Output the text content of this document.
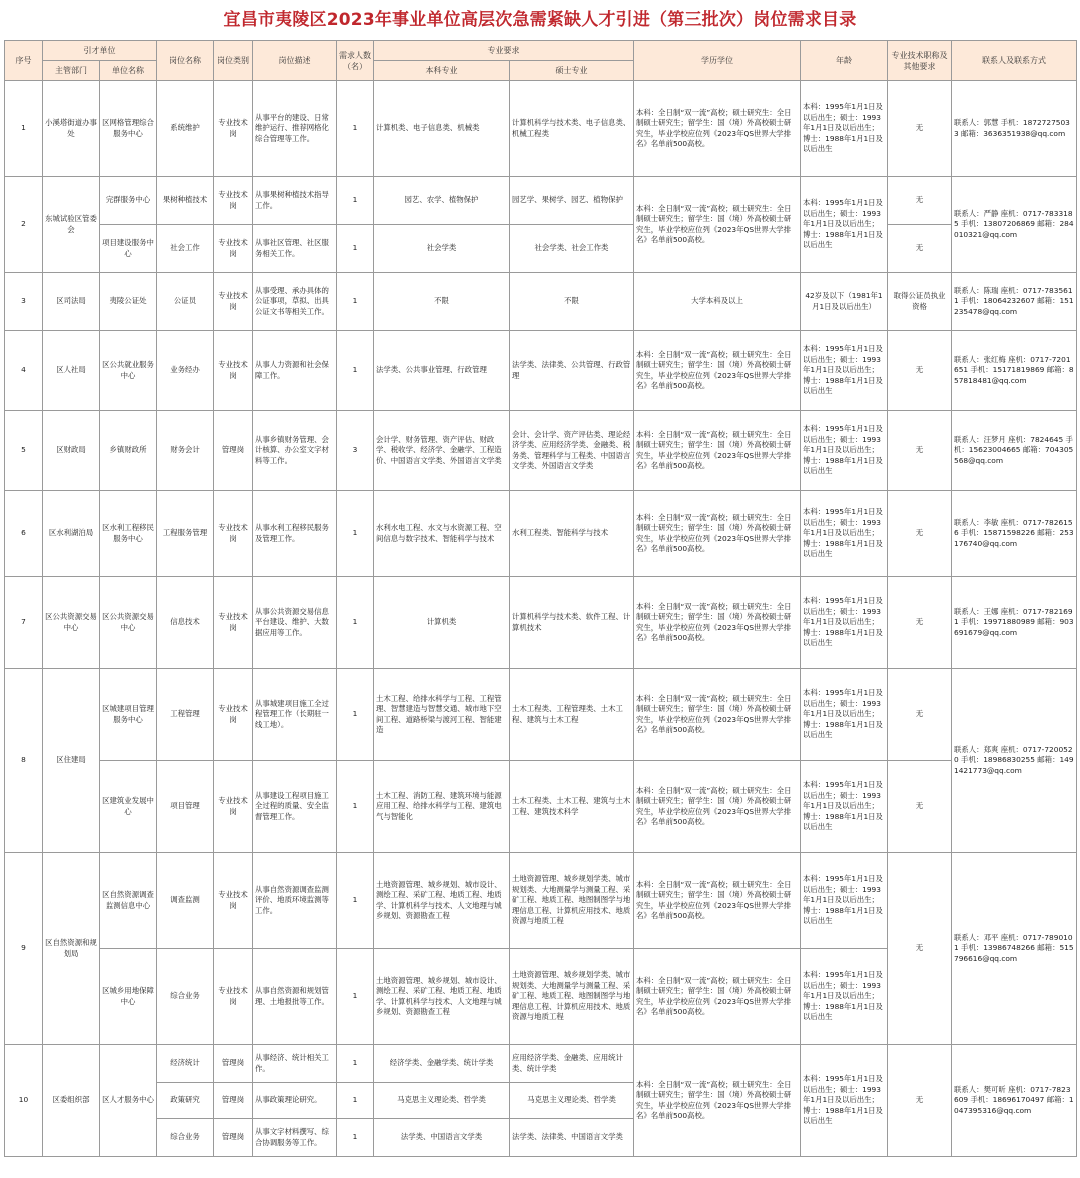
宜昌市夷陵区2023年事业单位高层次急需紧缺人才引进（第三批次）岗位需求目录
序号	引才单位		岗位名称	岗位类别	岗位描述	需求人数（名）	专业要求		学历学位	年龄	专业技术职称及其他要求	联系人及联系方式
	主管部门	单位名称					本科专业	硕士专业				
1	小溪塔街道办事处	区网格管理综合服务中心	系统维护	专业技术岗	从事平台的建设、日常维护运行、推荐网格化综合管理等工作。	1	计算机类、电子信息类、机械类	计算机科学与技术类、电子信息类、机械工程类	本科：全日制“双一流”高校；硕士研究生：全日制硕士研究生；留学生：国（境）外高校硕士研究生，毕业学校应位列《2023年QS世界大学排名》名单前500高校。	本科：1995年1月1日及以后出生；硕士：1993年1月1日及以后出生；博士：1988年1月1日及以后出生	无	联系人：郭慧 手机：18727275033 邮箱：363635193​8@qq.com
2	东城试验区管委会	完群服务中心	果树种植技术	专业技术岗	从事果树种植技术指导工作。	1	园艺、农学、植物保护	园艺学、果树学、园艺、植物保护	本科：全日制“双一流”高校；硕士研究生：全日制硕士研究生；留学生：国（境）外高校硕士研究生，毕业学校应位列《2023年QS世界大学排名》名单前500高校。	本科：1995年1月1日及以后出生；硕士：1993年1月1日及以后出生；博士：1988年1月1日及以后出生	无	联系人：严静 座机：0717-7833185 手机：13807206869 邮箱：284010321@qq.com
		项目建设服务中心	社会工作	专业技术岗	从事社区管理、社区服务相关工作。	1	社会学类	社会学类、社会工作类			无	
3	区司法局	夷陵公证处	公证员	专业技术岗	从事受理、承办具体的公证事项，草拟、出具公证文书等相关工作。	1	不限	不限	大学本科及以上	42岁及以下（1981年1月1日及以后出生）	取得公证员执业资格	联系人：陈瑞 座机：0717-7835611 手机：18064232607 邮箱：151235478@qq.com
4	区人社局	区公共就业服务中心	业务经办	专业技术岗	从事人力资源和社会保障工作。	1	法学类、公共事业管理、行政管理	法学类、法律类、公共管理、行政管理	本科：全日制“双一流”高校；硕士研究生：全日制硕士研究生；留学生：国（境）外高校硕士研究生，毕业学校应位列《2023年QS世界大学排名》名单前500高校。	本科：1995年1月1日及以后出生；硕士：1993年1月1日及以后出生；博士：1988年1月1日及以后出生	无	联系人：张红梅 座机：0717-7201651 手机：15171819869 邮箱：857818481@qq.com
5	区财政局	乡镇财政所	财务会计	管理岗	从事乡镇财务管理、会计核算、办公室文字材料等工作。	3	会计学、财务管理、资产评估、财政学、税收学、经济学、金融学、工程造价、中国语言文学类、外国语言文学类	会计、会计学、资产评估类、理论经济学类、应用经济学类、金融类、税务类、管理科学与工程类、中国语言文学类、外国语言文学类	本科：全日制“双一流”高校；硕士研究生：全日制硕士研究生；留学生：国（境）外高校硕士研究生，毕业学校应位列《2023年QS世界大学排名》名单前500高校。	本科：1995年1月1日及以后出生；硕士：1993年1月1日及以后出生；博士：1988年1月1日及以后出生	无	联系人：汪梦月 座机：7824645 手机：15623004665 邮箱：704305568@qq.com
6	区水利湖泊局	区水利工程移民服务中心	工程服务管理	专业技术岗	从事水利工程移民服务及管理工作。	1	水利水电工程、水文与水资源工程、空间信息与数字技术、智能科学与技术	水利工程类、智能科学与技术	本科：全日制“双一流”高校；硕士研究生：全日制硕士研究生；留学生：国（境）外高校硕士研究生，毕业学校应位列《2023年QS世界大学排名》名单前500高校。	本科：1995年1月1日及以后出生；硕士：1993年1月1日及以后出生；博士：1988年1月1日及以后出生	无	联系人：李敏 座机：0717-7826156 手机：15871598226 邮箱：253176740@qq.com
7	区公共资源交易中心	区公共资源交易中心	信息技术	专业技术岗	从事公共资源交易信息平台建设、维护、大数据应用等工作。	1	计算机类	计算机科学与技术类、软件工程、计算机技术	本科：全日制“双一流”高校；硕士研究生：全日制硕士研究生；留学生：国（境）外高校硕士研究生，毕业学校应位列《2023年QS世界大学排名》名单前500高校。	本科：1995年1月1日及以后出生；硕士：1993年1月1日及以后出生；博士：1988年1月1日及以后出生	无	联系人：王娜 座机：0717-7821691 手机：19971880989 邮箱：903691679@qq.com
8	区住建局	区城建项目管理服务中心	工程管理	专业技术岗	从事城建项目施工全过程管理工作（长期驻一线工地）。	1	土木工程、给排水科学与工程、工程管理、智慧建造与智慧交通、城市地下空间工程、道路桥梁与渡河工程、智能建造	土木工程类、工程管理类、土木工程、建筑与土木工程	本科：全日制“双一流”高校；硕士研究生：全日制硕士研究生；留学生：国（境）外高校硕士研究生，毕业学校应位列《2023年QS世界大学排名》名单前500高校。	本科：1995年1月1日及以后出生；硕士：1993年1月1日及以后出生；博士：1988年1月1日及以后出生	无	联系人：郑爽 座机：0717-7200520 手机：18986830255 邮箱：1491421773@qq.com
		区建筑业发展中心	项目管理	专业技术岗	从事建设工程项目施工全过程的质量、安全监督管理工作。	1	土木工程、消防工程、建筑环境与能源应用工程、给排水科学与工程、建筑电气与智能化	土木工程类、土木工程、建筑与土木工程、建筑技术科学	本科：全日制“双一流”高校；硕士研究生：全日制硕士研究生；留学生：国（境）外高校硕士研究生，毕业学校应位列《2023年QS世界大学排名》名单前500高校。	本科：1995年1月1日及以后出生；硕士：1993年1月1日及以后出生；博士：1988年1月1日及以后出生	无	
9	区自然资源和规划局	区自然资源调查监测信息中心	调查监测	专业技术岗	从事自然资源调查监测评价、地质环境监测等工作。	1	土地资源管理、城乡规划、城市设计、测绘工程、采矿工程、地质工程、地质学、计算机科学与技术、人文地理与城乡规划、资源勘查工程	土地资源管理、城乡规划学类、城市规划类、大地测量学与测量工程、采矿工程、地质工程、地图制图学与地理信息工程、计算机应用技术、地质资源与地质工程	本科：全日制“双一流”高校；硕士研究生：全日制硕士研究生；留学生：国（境）外高校硕士研究生，毕业学校应位列《2023年QS世界大学排名》名单前500高校。	本科：1995年1月1日及以后出生；硕士：1993年1月1日及以后出生；博士：1988年1月1日及以后出生	无	联系人：邓平 座机：0717-7890101 手机：13986748266 邮箱：515796616@qq.com
		区城乡用地保障中心	综合业务	专业技术岗	从事自然资源和规划管理、土地报批等工作。	1	土地资源管理、城乡规划、城市设计、测绘工程、采矿工程、地质工程、地质学、计算机科学与技术、人文地理与城乡规划、资源勘查工程	土地资源管理、城乡规划学类、城市规划类、大地测量学与测量工程、采矿工程、地质工程、地图制图学与地理信息工程、计算机应用技术、地质资源与地质工程	本科：全日制“双一流”高校；硕士研究生：全日制硕士研究生；留学生：国（境）外高校硕士研究生，毕业学校应位列《2023年QS世界大学排名》名单前500高校。	本科：1995年1月1日及以后出生；硕士：1993年1月1日及以后出生；博士：1988年1月1日及以后出生		
10	区委组织部	区人才服务中心	经济统计	管理岗	从事经济、统计相关工作。	1	经济学类、金融学类、统计学类	应用经济学类、金融类、应用统计类、统计学类	本科：全日制“双一流”高校；硕士研究生：全日制硕士研究生；留学生：国（境）外高校硕士研究生，毕业学校应位列《2023年QS世界大学排名》名单前500高校。	本科：1995年1月1日及以后出生；硕士：1993年1月1日及以后出生；博士：1988年1月1日及以后出生	无	联系人：樊可昕 座机：0717-7823609 手机：18696170497 邮箱：1047395316@qq.com
			政策研究	管理岗	从事政策理论研究。	1	马克思主义理论类、哲学类	马克思主义理论类、哲学类				
			综合业务	管理岗	从事文字材料撰写、综合协调服务等工作。	1	法学类、中国语言文学类	法学类、法律类、中国语言文学类				
